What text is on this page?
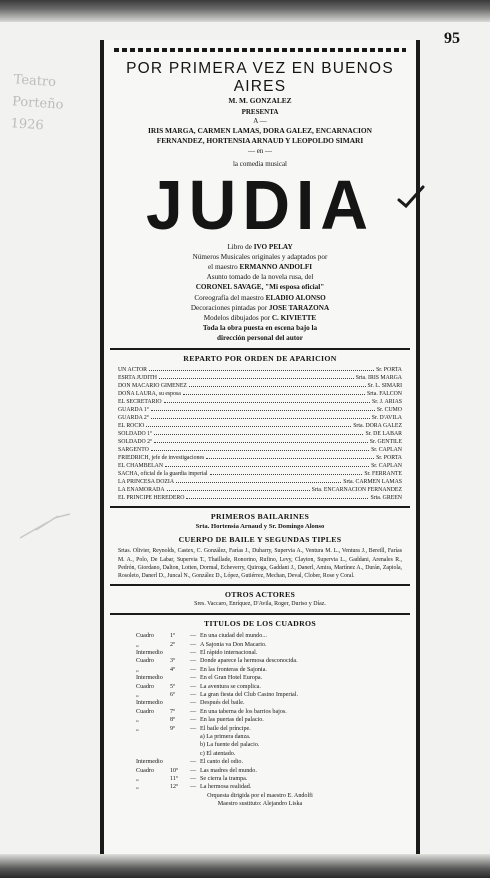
95
Teatro
Porteño
1926
POR PRIMERA VEZ EN BUENOS AIRES
M. M. GONZALEZ
PRESENTA
A —
IRIS MARGA, CARMEN LAMAS, DORA GALEZ, ENCARNACION
FERNANDEZ, HORTENSIA ARNAUD Y LEOPOLDO SIMARI
— en —
la comedia musical
JUDIA
Libro de IVO PELAY
Números Musicales originales y adaptados por
el maestro ERMANNO ANDOLFI
Asunto tomado de la novela rusa, del
CORONEL SAVAGE, "Mi esposa oficial"
Coreografía del maestro ELADIO ALONSO
Decoraciones pintadas por JOSE TARAZONA
Modelos dibujados por C. KIVIETTE
Toda la obra puesta en escena bajo la
dirección personal del autor
REPARTO POR ORDEN DE APARICION
UN ACTOR	Sr. PORTA
ESRTA JUDITH	Srta. IRIS MARGA
DON MACARIO GIMENEZ	Sr. L. SIMARI
DOÑA LAURA, su esposa	Srta. FALCON
EL SECRETARIO	Sr. J. ARIAS
GUARDA 1º	Sr. CUMO
GUARDA 2º	Sr. D'AVILA
EL ROCIO	Srta. DORA GALEZ
SOLDADO 1º	Sr. DE LABAR
SOLDADO 2º	Sr. GENTILE
SARGENTO	Sr. CAPLAN
FRIEDRICH, jefe de investigaciones	Sr. PORTA
EL CHAMBELAN	Sr. CAPLAN
SACHA, oficial de la guardia imperial	Sr. FERRANTE
LA PRINCESA DOZIA	Srta. CARMEN LAMAS
LA ENAMORADA	Srta. ENCARNACION FERNANDEZ
EL PRINCIPE HEREDERO	Srta. GREEN
PRIMEROS BAILARINES
Srta. Hortensia Arnaud y Sr. Domingo Alonso
CUERPO DE BAILE Y SEGUNDAS TIPLES
Srtas. Olivier, Reynolds, Castex, C. González, Farías J., Duharry, Supervia A., Ventura M. L., Ventura J., Bereill, Farías M. A., Polo, De Labar, Supervia T., Thaillade, Ronorino, Rufino, Levy, Clayton, Supervia L., Gaddani, Arenales R., Pedrón, Giordano, Dalton, Lotten, Dormal, Echeverry, Quiroga, Gaddani J., Danerl, Amira, Martínez A., Durán, Zapiola, Rosoleto, Danerl D., Juncal N., González D., López, Gutiérrez, Mechan, Deval, Clober, Rose y Coral.
OTROS ACTORES
Sres. Vaccaro, Enríquez, D'Avila, Roger, Duriso y Díaz.
TITULOS DE LOS CUADROS
Cuadro	1º	— En una ciudad del mundo...
„	2º	— A Sajonia va Don Macario.
Intermedio	— El rápido internacional.
Cuadro	3º	— Donde aparece la hermosa desconocida.
„	4º	— En las fronteras de Sajonia.
Intermedio	— En el Gran Hotel Europa.
Cuadro	5º	— La aventura se complica.
„	6º	— La gran fiesta del Club Casino Imperial.
Intermedio	— Después del baile.
Cuadro	7º	— En una taberna de los barrios bajos.
„	8º	— En las puertas del palacio.
„	9º	— El baile del príncipe.
a) La primera danza.
b) La fuente del palacio.
c) El atentado.
Intermedio	— El canto del odio.
Cuadro	10º	— Las madres del mundo.
„	11º	— Se cierra la trampa.
„	12º	— La hermosa realidad.
Orquesta dirigida por el maestro E. Andolfi
Maestro sustituto: Alejandro Liska
